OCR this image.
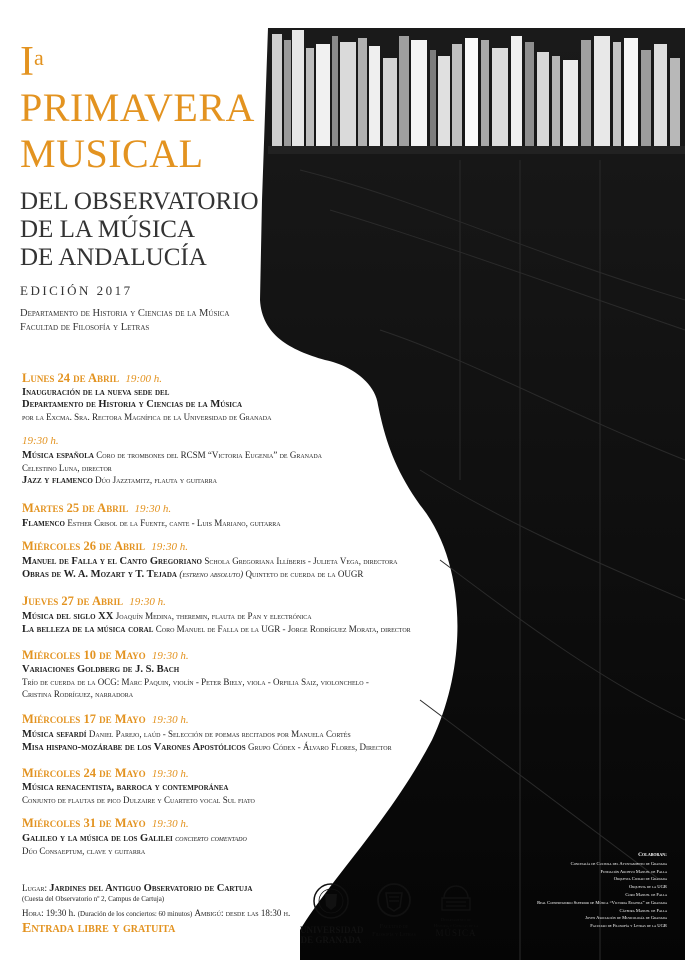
$I^a$
PRIMAVERA
MUSICAL
DEL OBSERVATORIO
DE LA MÚSICA
DE ANDALUCÍA
EDICIÓN 2017
Departamento de Historia y Ciencias de la Música
Facultad de Filosofía y Letras
Lunes 24 de Abril 19:00 h.
Inauguración de la nueva sede del
Departamento de Historia y Ciencias de la Música
por la Excma. Sra. Rectora Magnífica de la Universidad de Granada
19:30 h.
Música española Coro de trombones del RCSM “Victoria Eugenia” de Granada
Celestino Luna, director
Jazz y flamenco Dúo Jazztamitz, flauta y guitarra
Martes 25 de Abril 19:30 h.
Flamenco Esther Crisol de la Fuente, cante - Luis Mariano, guitarra
Miércoles 26 de Abril 19:30 h.
Manuel de Falla y el Canto Gregoriano Schola Gregoriana Illíberis - Julieta Vega, directora
Obras de W. A. Mozart y T. Tejada (estreno absoluto) Quinteto de cuerda de la OUGR
Jueves 27 de Abril 19:30 h.
Música del siglo XX Joaquín Medina, theremin, flauta de Pan y electrónica
La belleza de la música coral Coro Manuel de Falla de la UGR - Jorge Rodríguez Morata, director
Miércoles 10 de Mayo 19:30 h.
Variaciones Goldberg de J. S. Bach
Trío de cuerda de la OCG: Marc Paquin, violín - Peter Biely, viola - Orfilia Saiz, violonchelo -
Cristina Rodríguez, narradora
Miércoles 17 de Mayo 19:30 h.
Música sefardí Daniel Parejo, laúd - Selección de poemas recitados por Manuela Cortés
Misa hispano-mozárabe de los Varones Apostólicos Grupo Códex - Álvaro Flores, Director
Miércoles 24 de Mayo 19:30 h.
Música renacentista, barroca y contemporánea
Conjunto de flautas de pico Dulzaire y Cuarteto vocal Sul fiato
Miércoles 31 de Mayo 19:30 h.
Galileo y la música de los Galilei concierto comentado
Dúo Consaeptum, clave y guitarra
Lugar: Jardines del Antiguo Observatorio de Cartuja
(Cuesta del Observatorio nº 2, Campus de Cartuja)
Hora: 19:30 h. (Duración de los conciertos: 60 minutos) Ambigú: desde las 18:30 h.
Entrada libre y gratuita	UNIVERSIDAD
DE GRANADA
Facultad de
Filosofía y Letras
Departamento de
Historia y Ciencias de la
MÚSICA
Colaboran:
Concejalía de Cultura del Ayuntamiento de Granada
Fundación Archivo Manuel de Falla
Orquesta Ciudad de Granada
Orquesta de la UGR
Coro Manuel de Falla
Real Conservatorio Superior de Música “Victoria Eugenia” de Granada
Cátedra Manuel de Falla
Joven Asociación de Musicología de Granada
Facultad de Filosofía y Letras de la UGR
